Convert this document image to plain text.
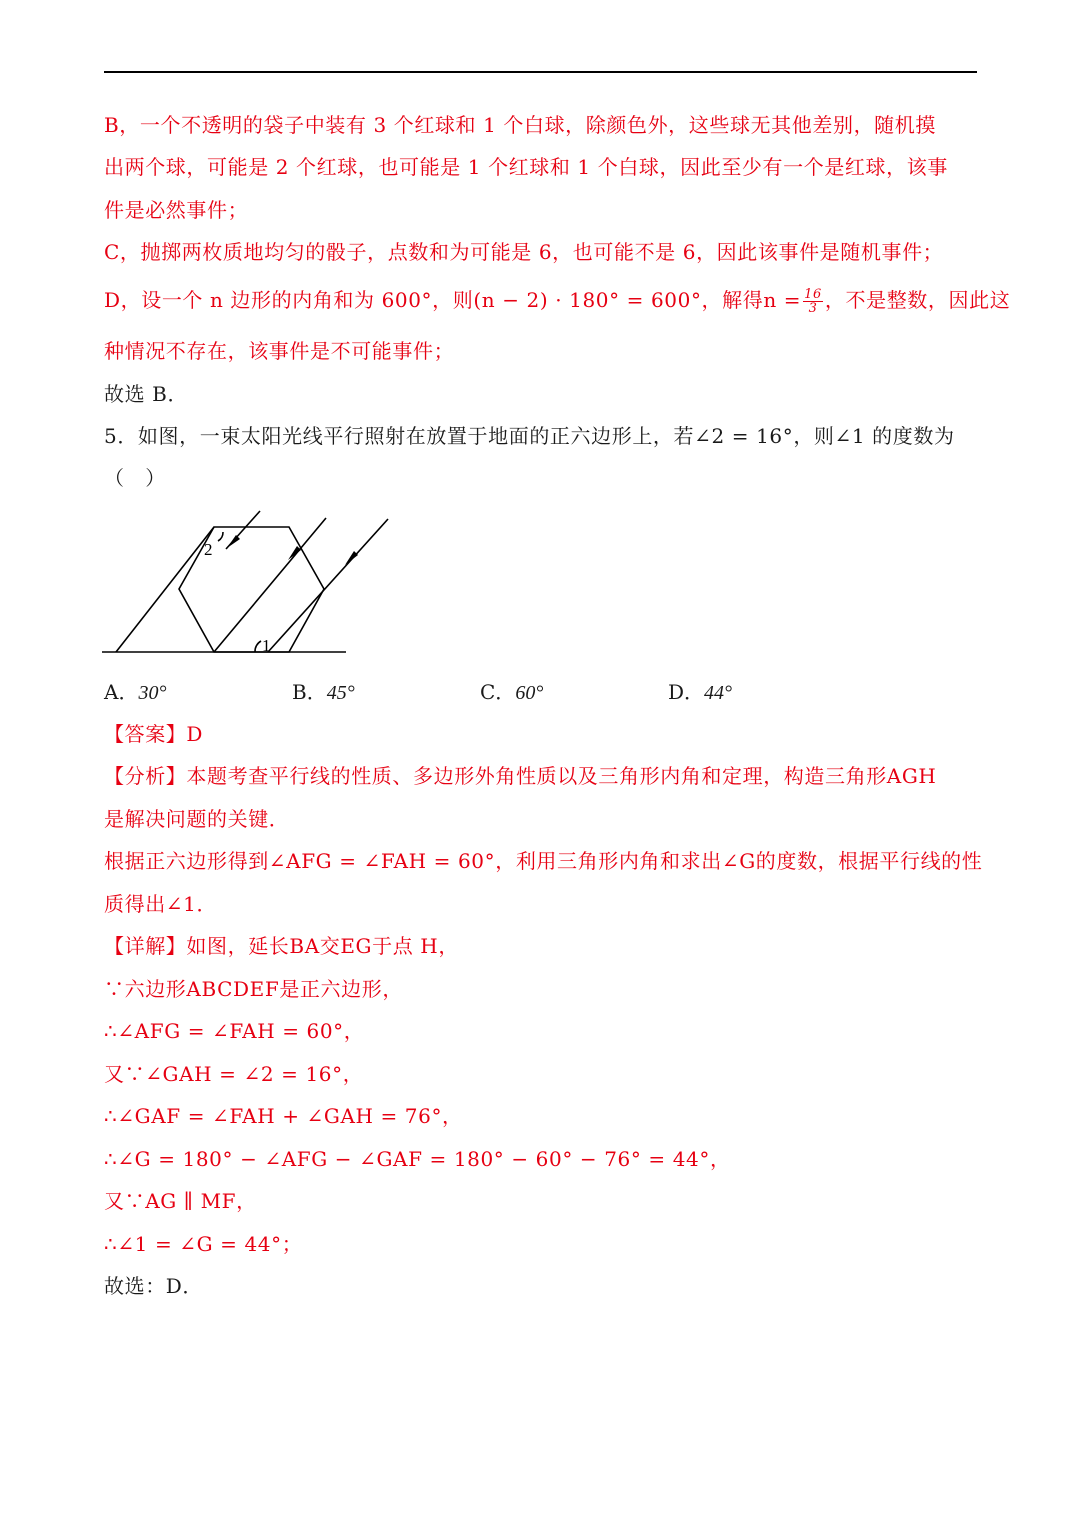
B，一个不透明的袋子中装有 3 个红球和 1 个白球，除颜色外，这些球无其他差别，随机摸
出两个球，可能是 2 个红球，也可能是 1 个红球和 1 个白球，因此至少有一个是红球，该事
件是必然事件；
C，抛掷两枚质地均匀的骰子，点数和为可能是 6，也可能不是 6，因此该事件是随机事件；
D，设一个 n 边形的内角和为 600°，则(n − 2) · 180° = 600°，解得$n = \frac{16}{3}$ ，不是整数，因此这
种情况不存在，该事件是不可能事件；
故选 B．
5．如图，一束太阳光线平行照射在放置于地面的正六边形上，若∠2 = 16°，则∠1 的度数为
（　）
2
1
A．30°	B．45°	C．60°	D．44°
【答案】D
【分析】本题考查平行线的性质、多边形外角性质以及三角形内角和定理，构造三角形AGH
是解决问题的关键．
根据正六边形得到∠AFG = ∠FAH = 60°，利用三角形内角和求出∠G的度数，根据平行线的性
质得出∠1．
【详解】如图，延长BA交EG于点 H，
∵六边形ABCDEF是正六边形，
∴∠AFG = ∠FAH = 60°，
又∵∠GAH = ∠2 = 16°，
∴∠GAF = ∠FAH + ∠GAH = 76°，
∴∠G = 180° − ∠AFG − ∠GAF = 180° − 60° − 76° = 44°，
又∵AG ∥ MF，
∴∠1 = ∠G = 44°；
故选：D．
